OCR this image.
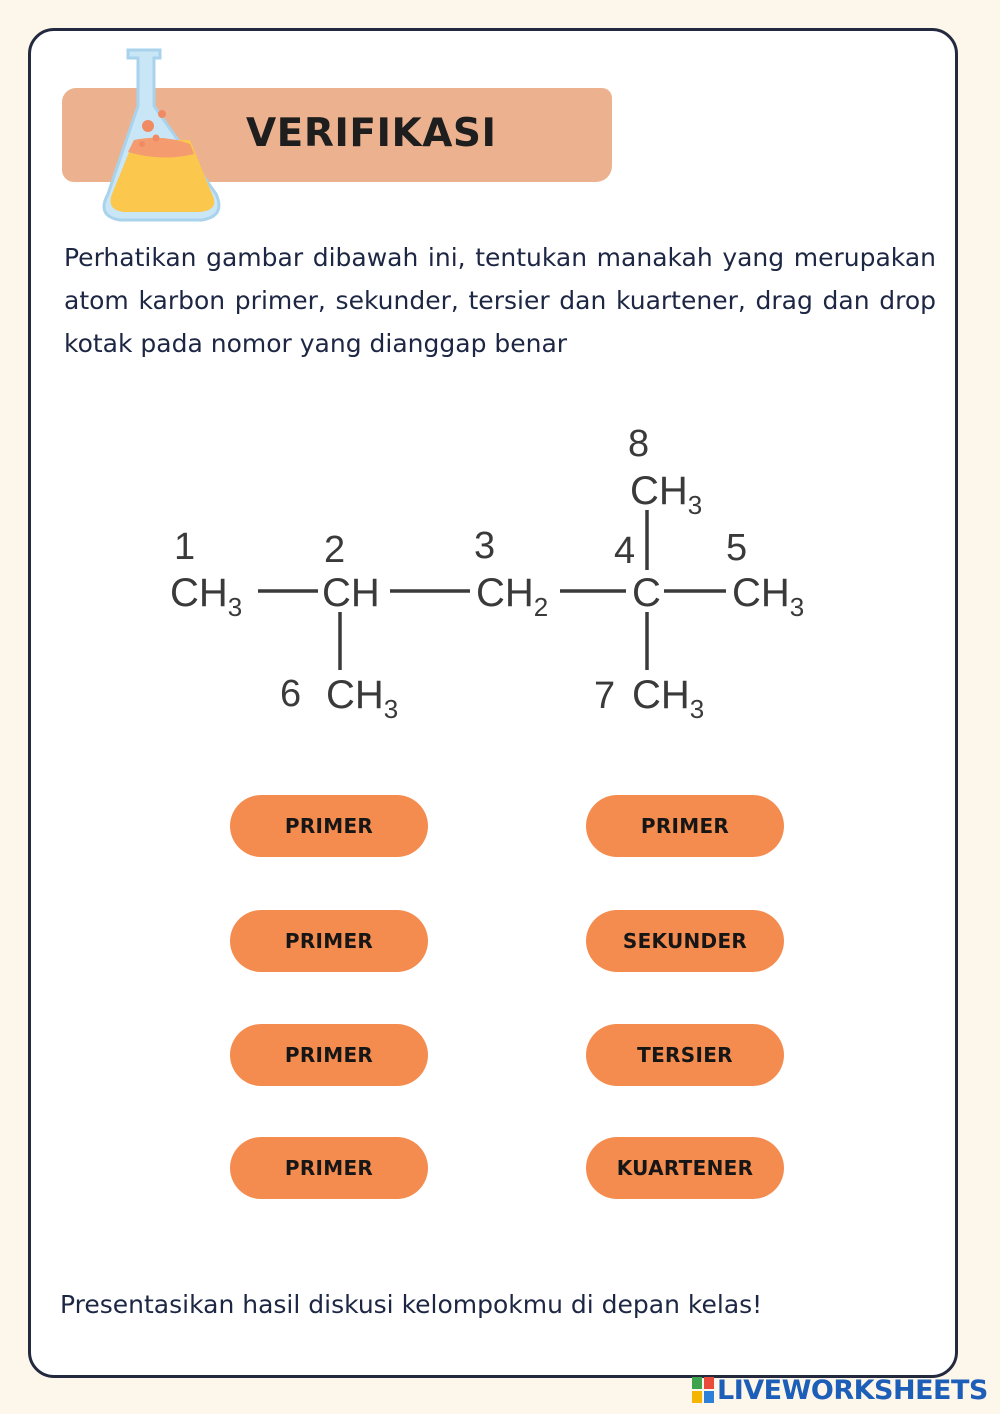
VERIFIKASI

Perhatikan gambar dibawah ini, tentukan manakah yang merupakan atom karbon primer, sekunder, tersier dan kuartener, drag dan drop kotak pada nomor yang dianggap benar

1	2	3	4 5
6	7
8
$CH_3$ CH $CH_2$ C $CH_3$
$CH_3$	$CH_3$
$CH_3$
PRIMER	PRIMER
PRIMER	SEKUNDER
PRIMER	TERSIER
PRIMER	KUARTENER
Presentasikan hasil diskusi kelompokmu di depan kelas!
LIVEWORKSHEETS
